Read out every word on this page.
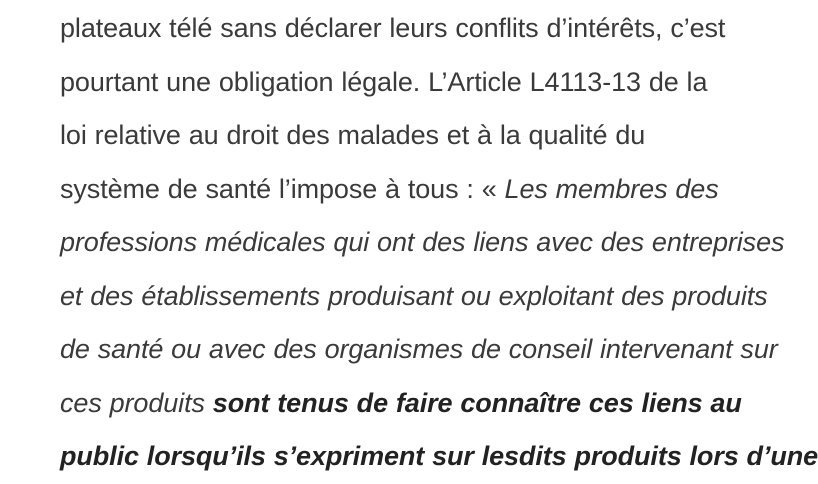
plateaux télé sans déclarer leurs conflits d’intérêts, c’est
pourtant une obligation légale. L’Article L4113-13 de la
loi relative au droit des malades et à la qualité du
système de santé l’impose à tous : « Les membres des
professions médicales qui ont des liens avec des entreprises
et des établissements produisant ou exploitant des produits
de santé ou avec des organismes de conseil intervenant sur
ces produits sont tenus de faire connaître ces liens au
public lorsqu’ils s’expriment sur lesdits produits lors d’une
